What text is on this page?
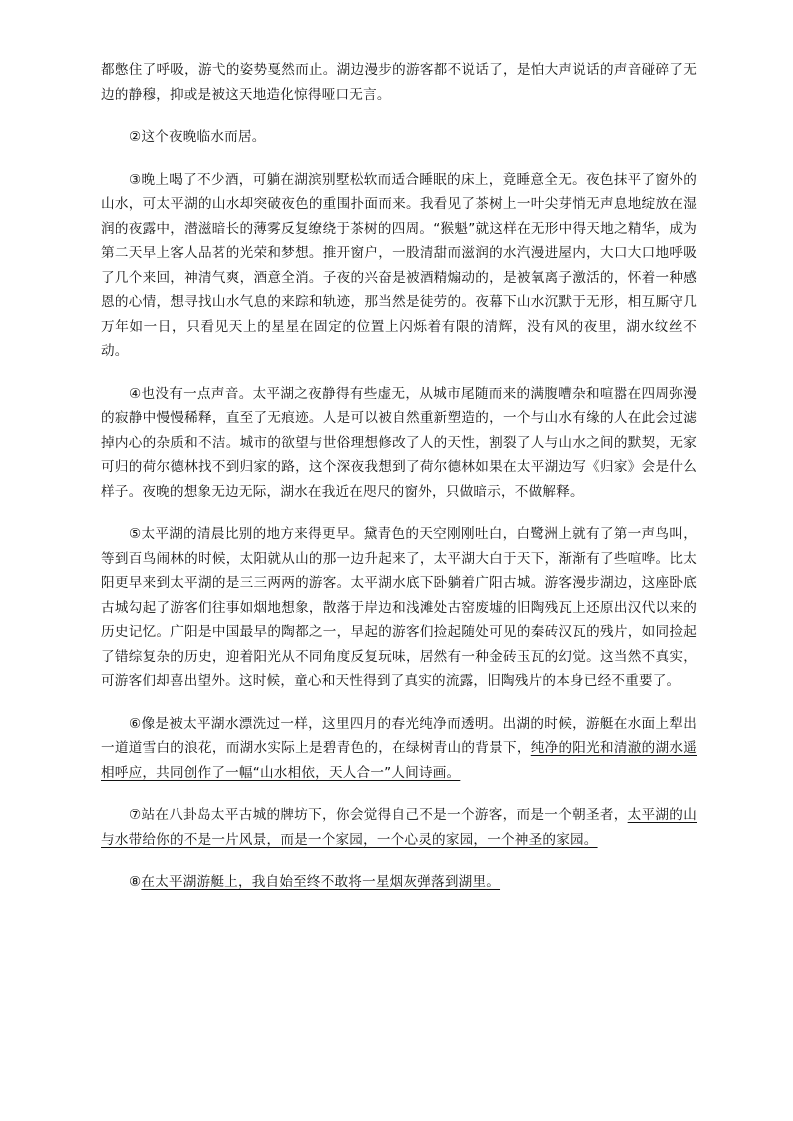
都憋住了呼吸，游弋的姿势戛然而止。湖边漫步的游客都不说话了，是怕大声说话的声音碰碎了无边的静穆，抑或是被这天地造化惊得哑口无言。

②这个夜晚临水而居。

③晚上喝了不少酒，可躺在湖滨别墅松软而适合睡眠的床上，竟睡意全无。夜色抹平了窗外的山水，可太平湖的山水却突破夜色的重围扑面而来。我看见了茶树上一叶尖芽悄无声息地绽放在湿润的夜露中，潜滋暗长的薄雾反复缭绕于茶树的四周。“猴魁”就这样在无形中得天地之精华，成为第二天早上客人品茗的光荣和梦想。推开窗户，一股清甜而滋润的水汽漫进屋内，大口大口地呼吸了几个来回，神清气爽，酒意全消。子夜的兴奋是被酒精煽动的，是被氧离子激活的，怀着一种感恩的心情，想寻找山水气息的来踪和轨迹，那当然是徒劳的。夜幕下山水沉默于无形，相互厮守几万年如一日，只看见天上的星星在固定的位置上闪烁着有限的清辉，没有风的夜里，湖水纹丝不动。

④也没有一点声音。太平湖之夜静得有些虚无，从城市尾随而来的满腹嘈杂和喧嚣在四周弥漫的寂静中慢慢稀释，直至了无痕迹。人是可以被自然重新塑造的，一个与山水有缘的人在此会过滤掉内心的杂质和不洁。城市的欲望与世俗理想修改了人的天性，割裂了人与山水之间的默契，无家可归的荷尔德林找不到归家的路，这个深夜我想到了荷尔德林如果在太平湖边写《归家》会是什么样子。夜晚的想象无边无际，湖水在我近在咫尺的窗外，只做暗示，不做解释。

⑤太平湖的清晨比别的地方来得更早。黛青色的天空刚刚吐白，白鹭洲上就有了第一声鸟叫，等到百鸟闹林的时候，太阳就从山的那一边升起来了，太平湖大白于天下，渐渐有了些喧哗。比太阳更早来到太平湖的是三三两两的游客。太平湖水底下卧躺着广阳古城。游客漫步湖边，这座卧底古城勾起了游客们往事如烟地想象，散落于岸边和浅滩处古窑废墟的旧陶残瓦上还原出汉代以来的历史记忆。广阳是中国最早的陶都之一，早起的游客们捡起随处可见的秦砖汉瓦的残片，如同捡起了错综复杂的历史，迎着阳光从不同角度反复玩味，居然有一种金砖玉瓦的幻觉。这当然不真实，可游客们却喜出望外。这时候，童心和天性得到了真实的流露，旧陶残片的本身已经不重要了。

⑥像是被太平湖水漂洗过一样，这里四月的春光纯净而透明。出湖的时候，游艇在水面上犁出一道道雪白的浪花，而湖水实际上是碧青色的，在绿树青山的背景下，纯净的阳光和清澈的湖水遥相呼应，共同创作了一幅“山水相依，天人合一”人间诗画。

⑦站在八卦岛太平古城的牌坊下，你会觉得自己不是一个游客，而是一个朝圣者，太平湖的山与水带给你的不是一片风景，而是一个家园，一个心灵的家园，一个神圣的家园。

⑧在太平湖游艇上，我自始至终不敢将一星烟灰弹落到湖里。
